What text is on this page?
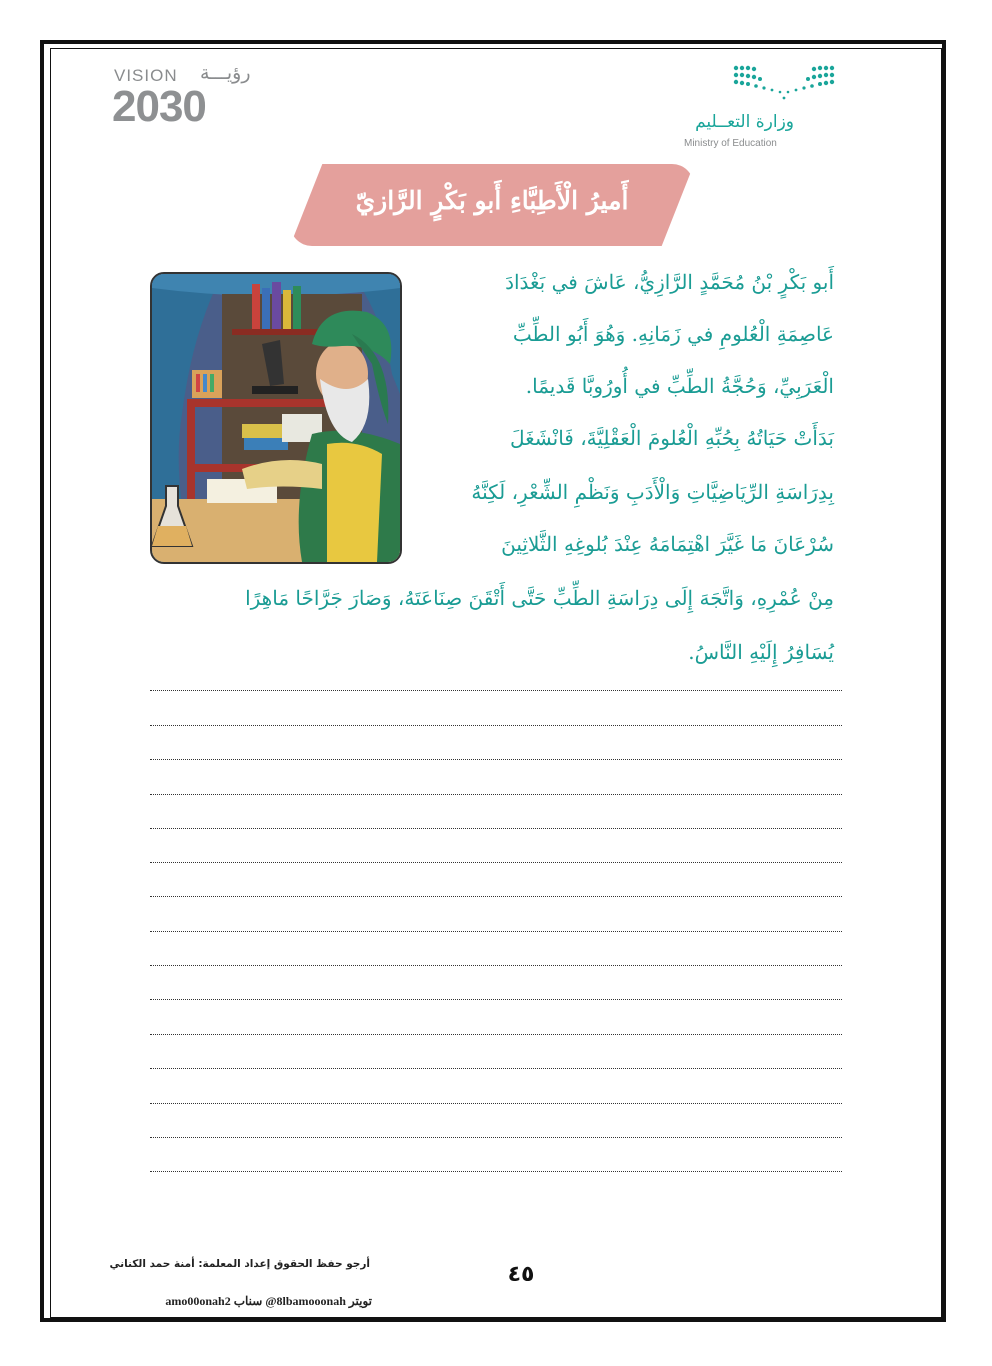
VISION رؤيـــة
2030	وزارة التعــليم
Ministry of Education
أَميرُ الْأَطِبَّاءِ أَبو بَكْرٍ الرَّازيّ
أَبو بَكْرٍ بْنُ مُحَمَّدٍ الرَّازِيُّ، عَاشَ في بَغْدَادَ
عَاصِمَةِ الْعُلومِ في زَمَانِهِ. وَهُوَ أَبُو الطِّبِّ
الْعَرَبِيِّ، وَحُجَّةُ الطِّبِّ في أُورُوبَّا قَديمًا.
بَدَأَتْ حَيَاتُهُ بِحُبِّهِ الْعُلومَ الْعَقْلِيَّةَ، فَانْشَغَلَ
بِدِرَاسَةِ الرِّيَاضِيَّاتِ وَالْأَدَبِ وَنَظْمِ الشِّعْرِ، لَكِنَّهُ
سُرْعَانَ مَا غَيَّرَ اهْتِمَامَهُ عِنْدَ بُلوغِهِ الثَّلاثِينَ
مِنْ عُمْرِهِ، وَاتَّجَهَ إِلَى دِرَاسَةِ الطِّبِّ حَتَّى أَتْقَنَ صِنَاعَتَهُ، وَصَارَ جَرَّاحًا مَاهِرًا
يُسَافِرُ إِلَيْهِ النَّاسُ.
أرجو حفظ الحقوق إعداد المعلمة: أمنة حمد الكناني
تويتر 8lbamooonah@ سناب amo00onah2
٤٥
